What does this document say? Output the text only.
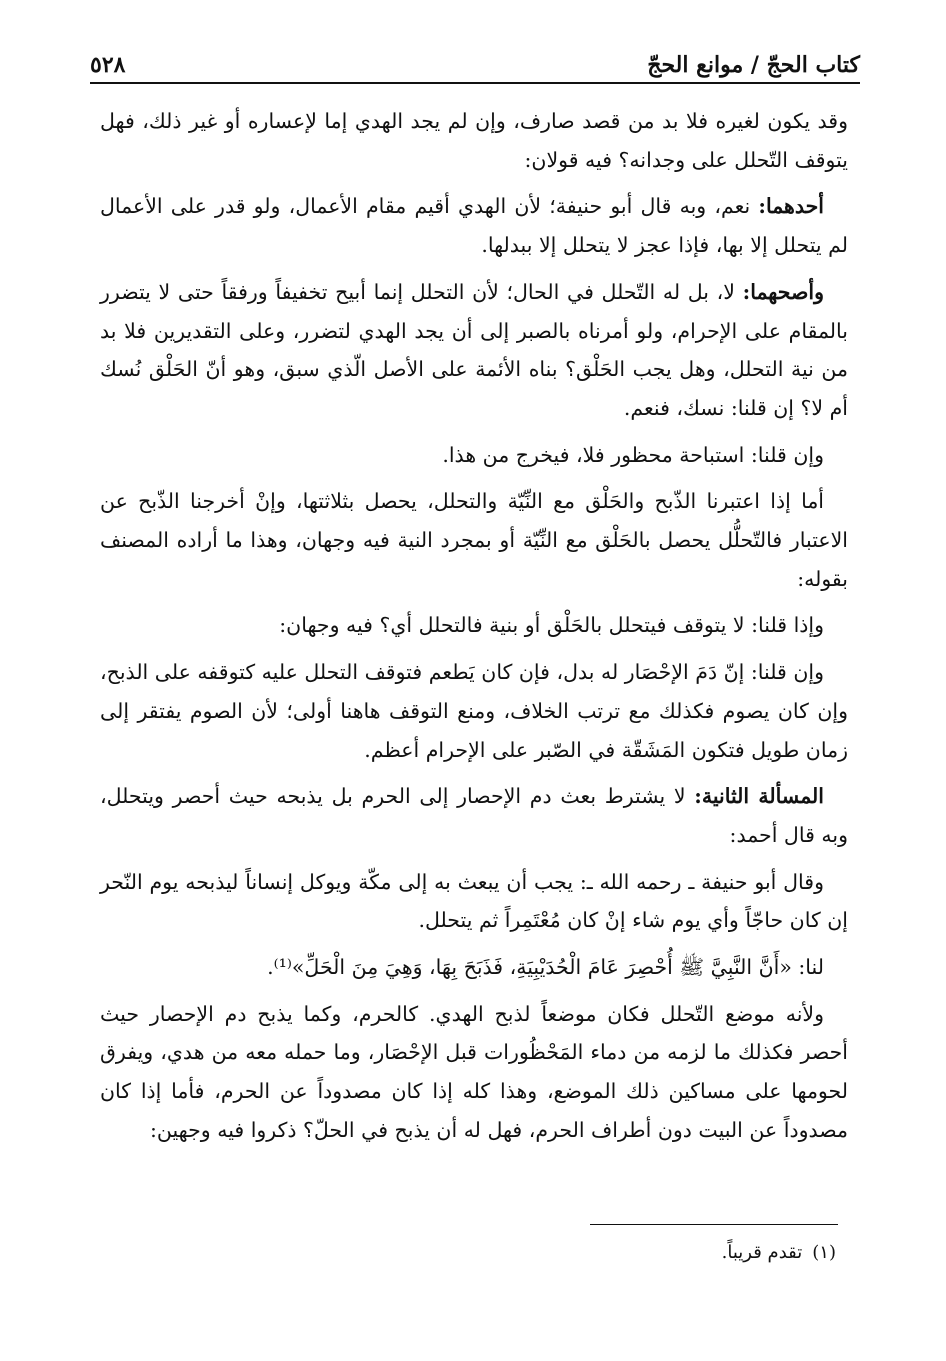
كتاب الحجّ / موانع الحجّ
٥٢٨

وقد يكون لغيره فلا بد من قصد صارف، وإن لم يجد الهدي إما لإعساره أو غير ذلك، فهل يتوقف التّحلل على وجدانه؟ فيه قولان:

أحدهما: نعم، وبه قال أبو حنيفة؛ لأن الهدي أقيم مقام الأعمال، ولو قدر على الأعمال لم يتحلل إلا بها، فإذا عجز لا يتحلل إلا ببدلها.

وأصحهما: لا، بل له التّحلل في الحال؛ لأن التحلل إنما أبيح تخفيفاً ورفقاً حتى لا يتضرر بالمقام على الإحرام، ولو أمرناه بالصبر إلى أن يجد الهدي لتضرر، وعلى التقديرين فلا بد من نية التحلل، وهل يجب الحَلْق؟ بناه الأئمة على الأصل الّذي سبق، وهو أنّ الحَلْق نُسك أم لا؟ إن قلنا: نسك، فنعم.

وإن قلنا: استباحة محظور فلا، فيخرج من هذا.

أما إذا اعتبرنا الذّبح والحَلْق مع النِّيّة والتحلل، يحصل بثلاثتها، وإنْ أخرجنا الذّبح عن الاعتبار فالتّحلُّل يحصل بالحَلْق مع النِّيّة أو بمجرد النية فيه وجهان، وهذا ما أراده المصنف بقوله:

وإذا قلنا: لا يتوقف فيتحلل بالحَلْق أو بنية فالتحلل أي؟ فيه وجهان:

وإن قلنا: إنّ دَمَ الإحْصَار له بدل، فإن كان يَطعم فتوقف التحلل عليه كتوقفه على الذبح، وإن كان يصوم فكذلك مع ترتب الخلاف، ومنع التوقف هاهنا أولى؛ لأن الصوم يفتقر إلى زمان طويل فتكون المَشَقّة في الصّبر على الإحرام أعظم.

المسألة الثانية: لا يشترط بعث دم الإحصار إلى الحرم بل يذبحه حيث أحصر ويتحلل، وبه قال أحمد:

وقال أبو حنيفة ـ رحمه الله ـ: يجب أن يبعث به إلى مكّة ويوكل إنساناً ليذبحه يوم النّحر إن كان حاجّاً وأي يوم شاء إنْ كان مُعْتَمِراً ثم يتحلل.

لنا: «أَنَّ النَّبِيَّ ﷺ أُحْصِرَ عَامَ الْحُدَيْبِيَةِ، فَذَبَحَ بِهَا، وَهِيَ مِنَ الْحَلِّ»⁽¹⁾.

ولأنه موضع التّحلل فكان موضعاً لذبح الهدي. كالحرم، وكما يذبح دم الإحصار حيث أحصر فكذلك ما لزمه من دماء المَحْظُورات قبل الإحْصَار، وما حمله معه من هدي، ويفرق لحومها على مساكين ذلك الموضع، وهذا كله إذا كان مصدوداً عن الحرم، فأما إذا كان مصدوداً عن البيت دون أطراف الحرم، فهل له أن يذبح في الحلّ؟ ذكروا فيه وجهين:

(١)تقدم قريباً.
